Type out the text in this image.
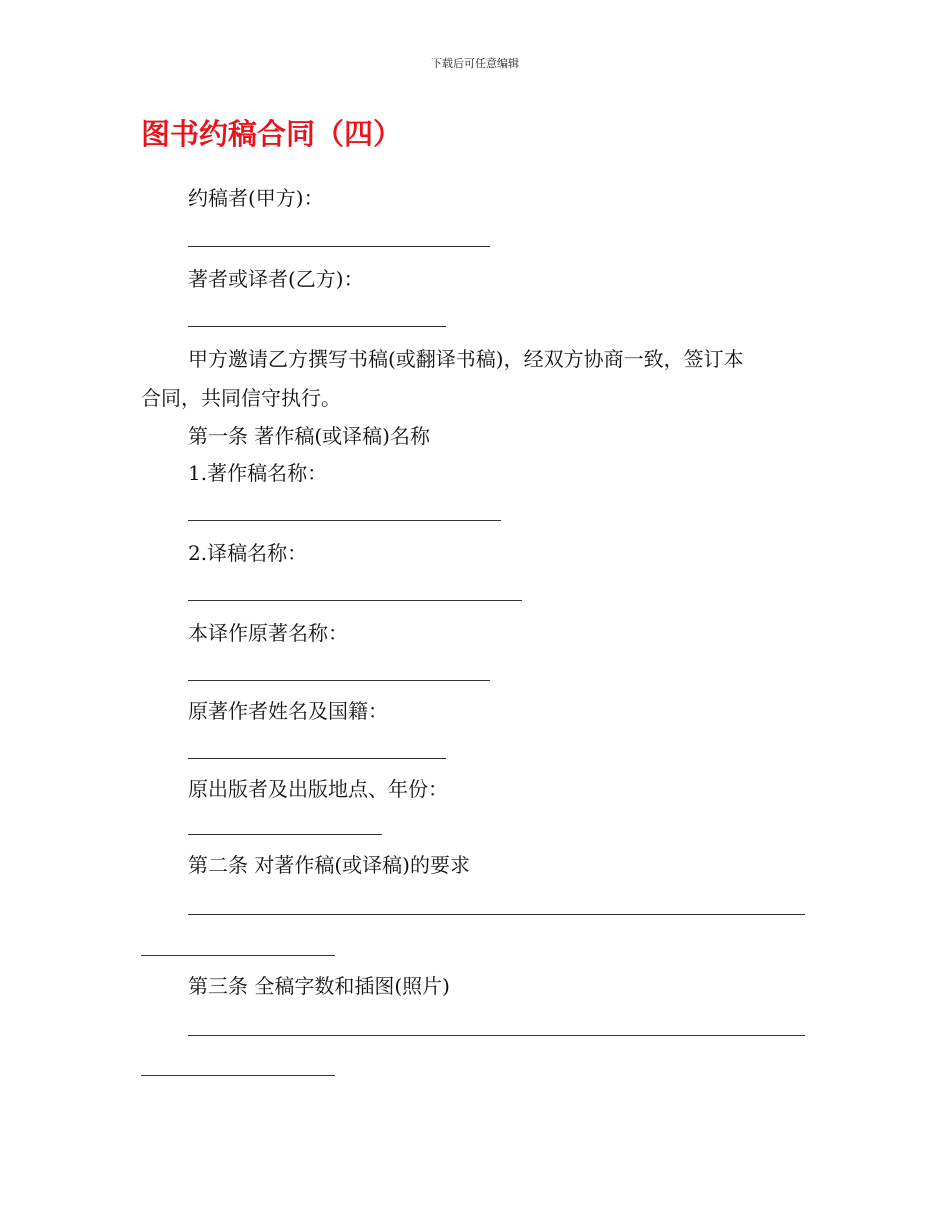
下载后可任意编辑
图书约稿合同（四）
约稿者(甲方)：
著者或译者(乙方)：
甲方邀请乙方撰写书稿(或翻译书稿)，经双方协商一致，签订本
合同，共同信守执行。
第一条 著作稿(或译稿)名称
1.著作稿名称：
2.译稿名称：
本译作原著名称：
原著作者姓名及国籍：
原出版者及出版地点、年份：
第二条 对著作稿(或译稿)的要求
第三条 全稿字数和插图(照片)
